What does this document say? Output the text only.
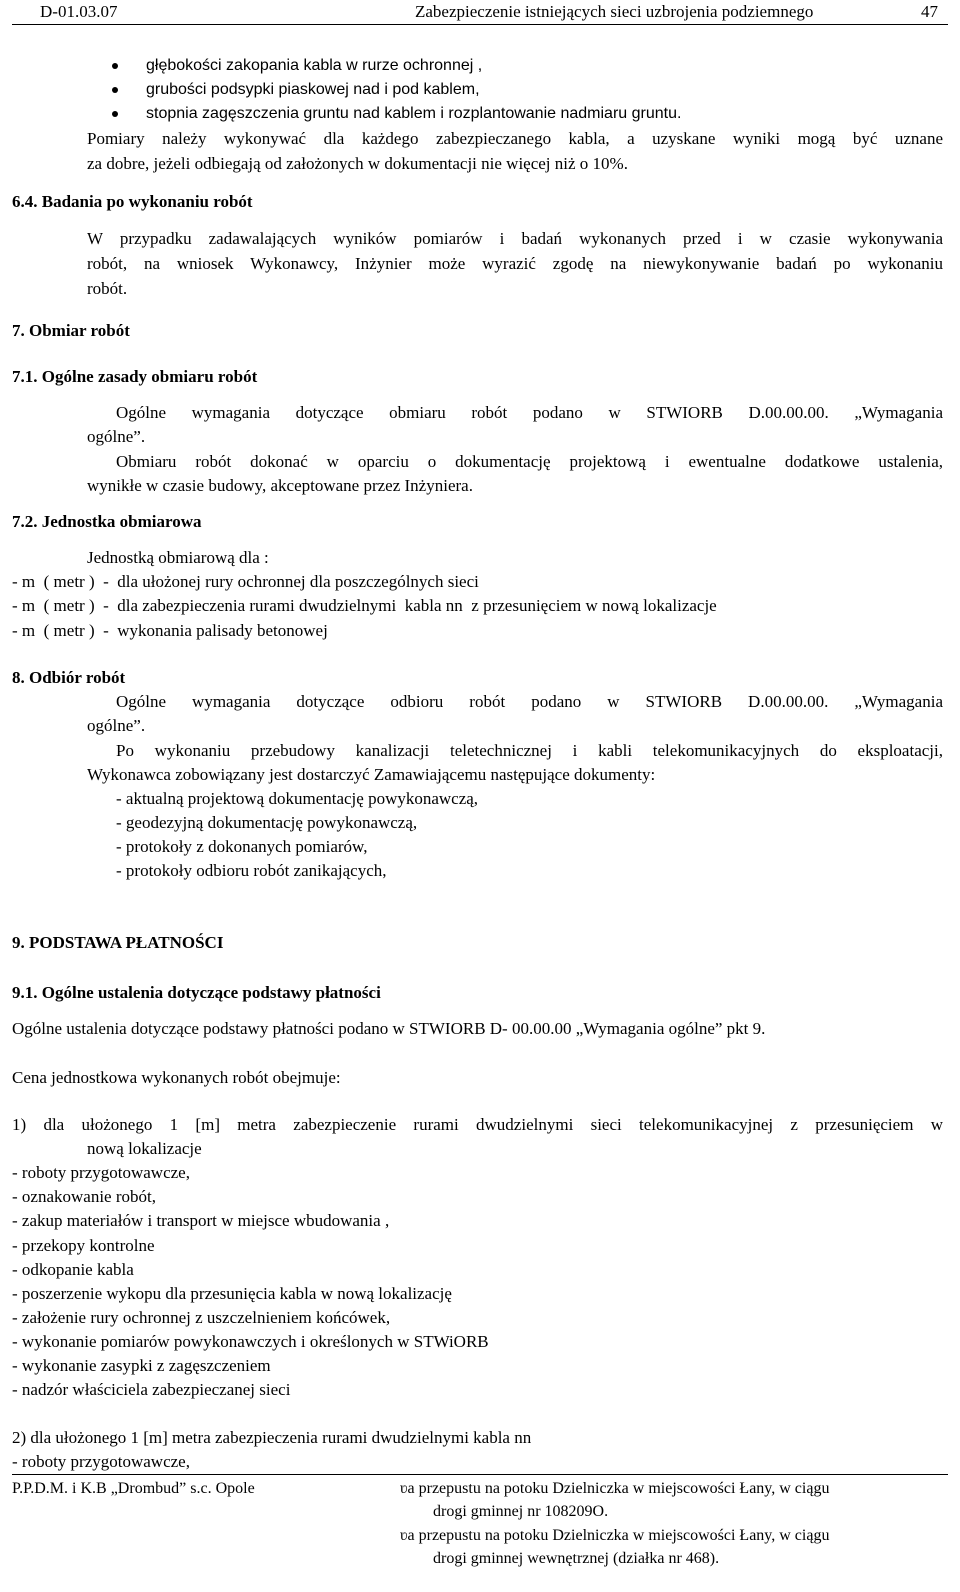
D-01.03.07	Zabezpieczenie istniejących sieci uzbrojenia podziemnego	47
głębokości zakopania kabla w rurze ochronnej ,
grubości podsypki piaskowej nad i pod kablem,
stopnia zagęszczenia gruntu nad kablem i rozplantowanie nadmiaru gruntu.
Pomiary należy wykonywać dla każdego zabezpieczanego kabla, a uzyskane wyniki mogą być uznane
za dobre, jeżeli odbiegają od założonych w dokumentacji nie więcej niż o 10%.
6.4. Badania po wykonaniu robót
W przypadku zadawalających wyników pomiarów i badań wykonanych przed i w czasie wykonywania
robót, na wniosek Wykonawcy, Inżynier może wyrazić zgodę na niewykonywanie badań po wykonaniu
robót.
7. Obmiar robót
7.1. Ogólne zasady obmiaru robót
Ogólne wymagania dotyczące obmiaru robót podano w STWIORB D.00.00.00. „Wymagania
ogólne”.
Obmiaru robót dokonać w oparciu o dokumentację projektową i ewentualne dodatkowe ustalenia,
wynikłe w czasie budowy, akceptowane przez Inżyniera.
7.2. Jednostka obmiarowa
Jednostką obmiarową dla :
- m  ( metr )  -  dla ułożonej rury ochronnej dla poszczególnych sieci
- m  ( metr )  -  dla zabezpieczenia rurami dwudzielnymi  kabla nn  z przesunięciem w nową lokalizacje
- m  ( metr )  -  wykonania palisady betonowej
8. Odbiór robót
Ogólne wymagania dotyczące odbioru robót podano w STWIORB D.00.00.00. „Wymagania
ogólne”.
Po wykonaniu przebudowy kanalizacji teletechnicznej i kabli telekomunikacyjnych do eksploatacji,
Wykonawca zobowiązany jest dostarczyć Zamawiającemu następujące dokumenty:
- aktualną projektową dokumentację powykonawczą,
- geodezyjną dokumentację powykonawczą,
- protokoły z dokonanych pomiarów,
- protokoły odbioru robót zanikających,
9. PODSTAWA PŁATNOŚCI
9.1. Ogólne ustalenia dotyczące podstawy płatności
Ogólne ustalenia dotyczące podstawy płatności podano w STWIORB D- 00.00.00 „Wymagania ogólne” pkt 9.
Cena jednostkowa wykonanych robót obejmuje:
1) dla ułożonego 1 [m] metra zabezpieczenie rurami dwudzielnymi sieci telekomunikacyjnej z przesunięciem w
nową lokalizacje
- roboty przygotowawcze,
- oznakowanie robót,
- zakup materiałów i transport w miejsce wbudowania ,
- przekopy kontrolne
- odkopanie kabla
- poszerzenie wykopu dla przesunięcia kabla w nową lokalizację
- założenie rury ochronnej z uszczelnieniem końcówek,
- wykonanie pomiarów powykonawczych i określonych w STWiORB
- wykonanie zasypki z zagęszczeniem
- nadzór właściciela zabezpieczanej sieci
2) dla ułożonego 1 [m] metra zabezpieczenia rurami dwudzielnymi kabla nn
- roboty przygotowawcze,
P.P.D.M. i K.B „Drombud” s.c. Opole	ʋa przepustu na potoku Dzielniczka w miejscowości Łany, w ciągu
drogi gminnej nr 108209O.
ʋa przepustu na potoku Dzielniczka w miejscowości Łany, w ciągu
drogi gminnej wewnętrznej (działka nr 468).
